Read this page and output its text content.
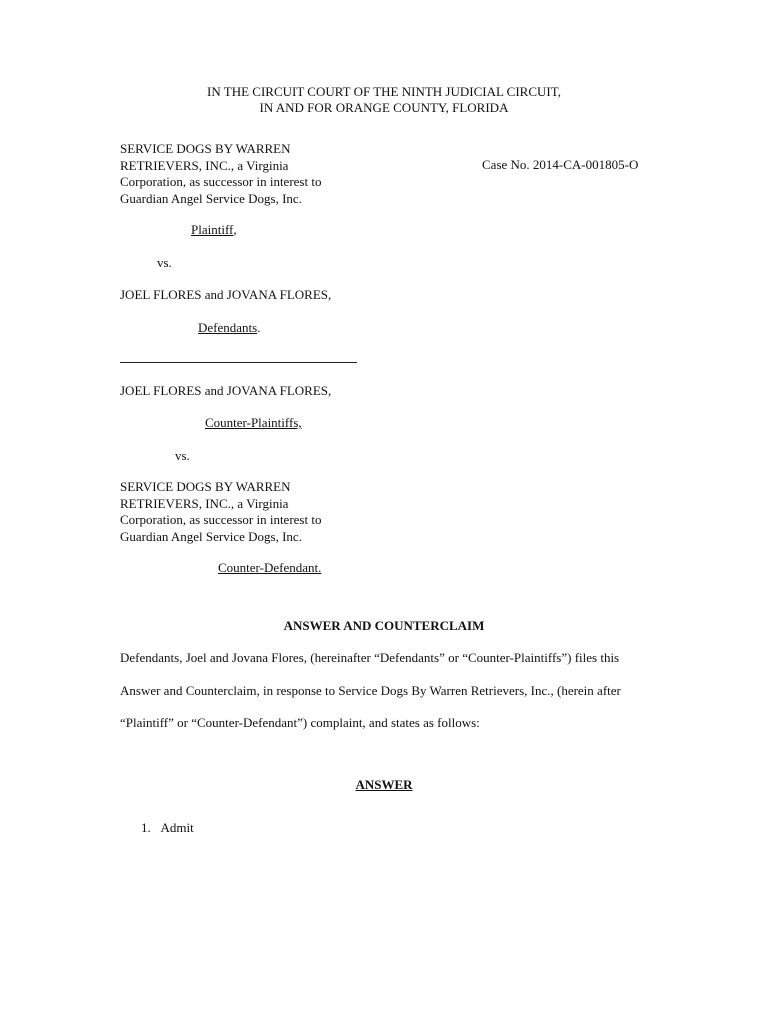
IN THE CIRCUIT COURT OF THE NINTH JUDICIAL CIRCUIT,
IN AND FOR ORANGE COUNTY, FLORIDA
SERVICE DOGS BY WARREN
RETRIEVERS, INC., a Virginia
Corporation, as successor in interest to
Guardian Angel Service Dogs, Inc.
Case No. 2014-CA-001805-O
Plaintiff,
vs.
JOEL FLORES and JOVANA FLORES,
Defendants.
JOEL FLORES and JOVANA FLORES,
Counter-Plaintiffs,
vs.
SERVICE DOGS BY WARREN
RETRIEVERS, INC., a Virginia
Corporation, as successor in interest to
Guardian Angel Service Dogs, Inc.
Counter-Defendant.
ANSWER AND COUNTERCLAIM
Defendants, Joel and Jovana Flores, (hereinafter “Defendants” or “Counter-Plaintiffs”) files this
Answer and Counterclaim, in response to Service Dogs By Warren Retrievers, Inc., (herein after
“Plaintiff” or “Counter-Defendant”) complaint, and states as follows:
ANSWER
1. Admit
